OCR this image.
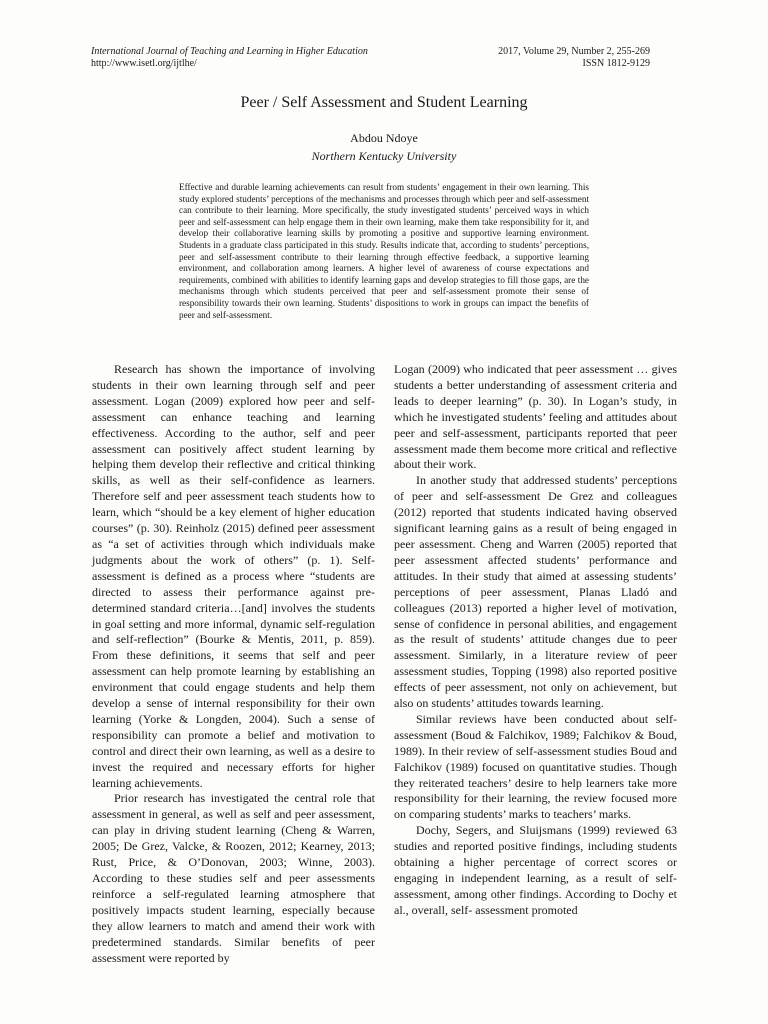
International Journal of Teaching and Learning in Higher Education
http://www.isetl.org/ijtlhe/
2017, Volume 29, Number 2, 255-269
ISSN 1812-9129
Peer / Self Assessment and Student Learning
Abdou Ndoye
Northern Kentucky University
Effective and durable learning achievements can result from students’ engagement in their own learning. This study explored students’ perceptions of the mechanisms and processes through which peer and self-assessment can contribute to their learning. More specifically, the study investigated students’ perceived ways in which peer and self-assessment can help engage them in their own learning, make them take responsibility for it, and develop their collaborative learning skills by promoting a positive and supportive learning environment. Students in a graduate class participated in this study. Results indicate that, according to students’ perceptions, peer and self-assessment contribute to their learning through effective feedback, a supportive learning environment, and collaboration among learners. A higher level of awareness of course expectations and requirements, combined with abilities to identify learning gaps and develop strategies to fill those gaps, are the mechanisms through which students perceived that peer and self-assessment promote their sense of responsibility towards their own learning. Students’ dispositions to work in groups can impact the benefits of peer and self-assessment.

Research has shown the importance of involving students in their own learning through self and peer assessment. Logan (2009) explored how peer and self-assessment can enhance teaching and learning effectiveness. According to the author, self and peer assessment can positively affect student learning by helping them develop their reflective and critical thinking skills, as well as their self-confidence as learners. Therefore self and peer assessment teach students how to learn, which “should be a key element of higher education courses” (p. 30). Reinholz (2015) defined peer assessment as “a set of activities through which individuals make judgments about the work of others” (p. 1). Self-assessment is defined as a process where “students are directed to assess their performance against pre-determined standard criteria…[and] involves the students in goal setting and more informal, dynamic self-regulation and self-reflection” (Bourke & Mentis, 2011, p. 859). From these definitions, it seems that self and peer assessment can help promote learning by establishing an environment that could engage students and help them develop a sense of internal responsibility for their own learning (Yorke & Longden, 2004). Such a sense of responsibility can promote a belief and motivation to control and direct their own learning, as well as a desire to invest the required and necessary efforts for higher learning achievements.

Prior research has investigated the central role that assessment in general, as well as self and peer assessment, can play in driving student learning (Cheng & Warren, 2005; De Grez, Valcke, & Roozen, 2012; Kearney, 2013; Rust, Price, & O’Donovan, 2003; Winne, 2003). According to these studies self and peer assessments reinforce a self-regulated learning atmosphere that positively impacts student learning, especially because they allow learners to match and amend their work with predetermined standards. Similar benefits of peer assessment were reported by

Logan (2009) who indicated that peer assessment … gives students a better understanding of assessment criteria and leads to deeper learning” (p. 30). In Logan’s study, in which he investigated students’ feeling and attitudes about peer and self-assessment, participants reported that peer assessment made them become more critical and reflective about their work.

In another study that addressed students’ perceptions of peer and self-assessment De Grez and colleagues (2012) reported that students indicated having observed significant learning gains as a result of being engaged in peer assessment. Cheng and Warren (2005) reported that peer assessment affected students’ performance and attitudes. In their study that aimed at assessing students’ perceptions of peer assessment, Planas Lladó and colleagues (2013) reported a higher level of motivation, sense of confidence in personal abilities, and engagement as the result of students’ attitude changes due to peer assessment. Similarly, in a literature review of peer assessment studies, Topping (1998) also reported positive effects of peer assessment, not only on achievement, but also on students’ attitudes towards learning.

Similar reviews have been conducted about self-assessment (Boud & Falchikov, 1989; Falchikov & Boud, 1989). In their review of self-assessment studies Boud and Falchikov (1989) focused on quantitative studies. Though they reiterated teachers’ desire to help learners take more responsibility for their learning, the review focused more on comparing students’ marks to teachers’ marks.

Dochy, Segers, and Sluijsmans (1999) reviewed 63 studies and reported positive findings, including students obtaining a higher percentage of correct scores or engaging in independent learning, as a result of self-assessment, among other findings. According to Dochy et al., overall, self- assessment promoted
